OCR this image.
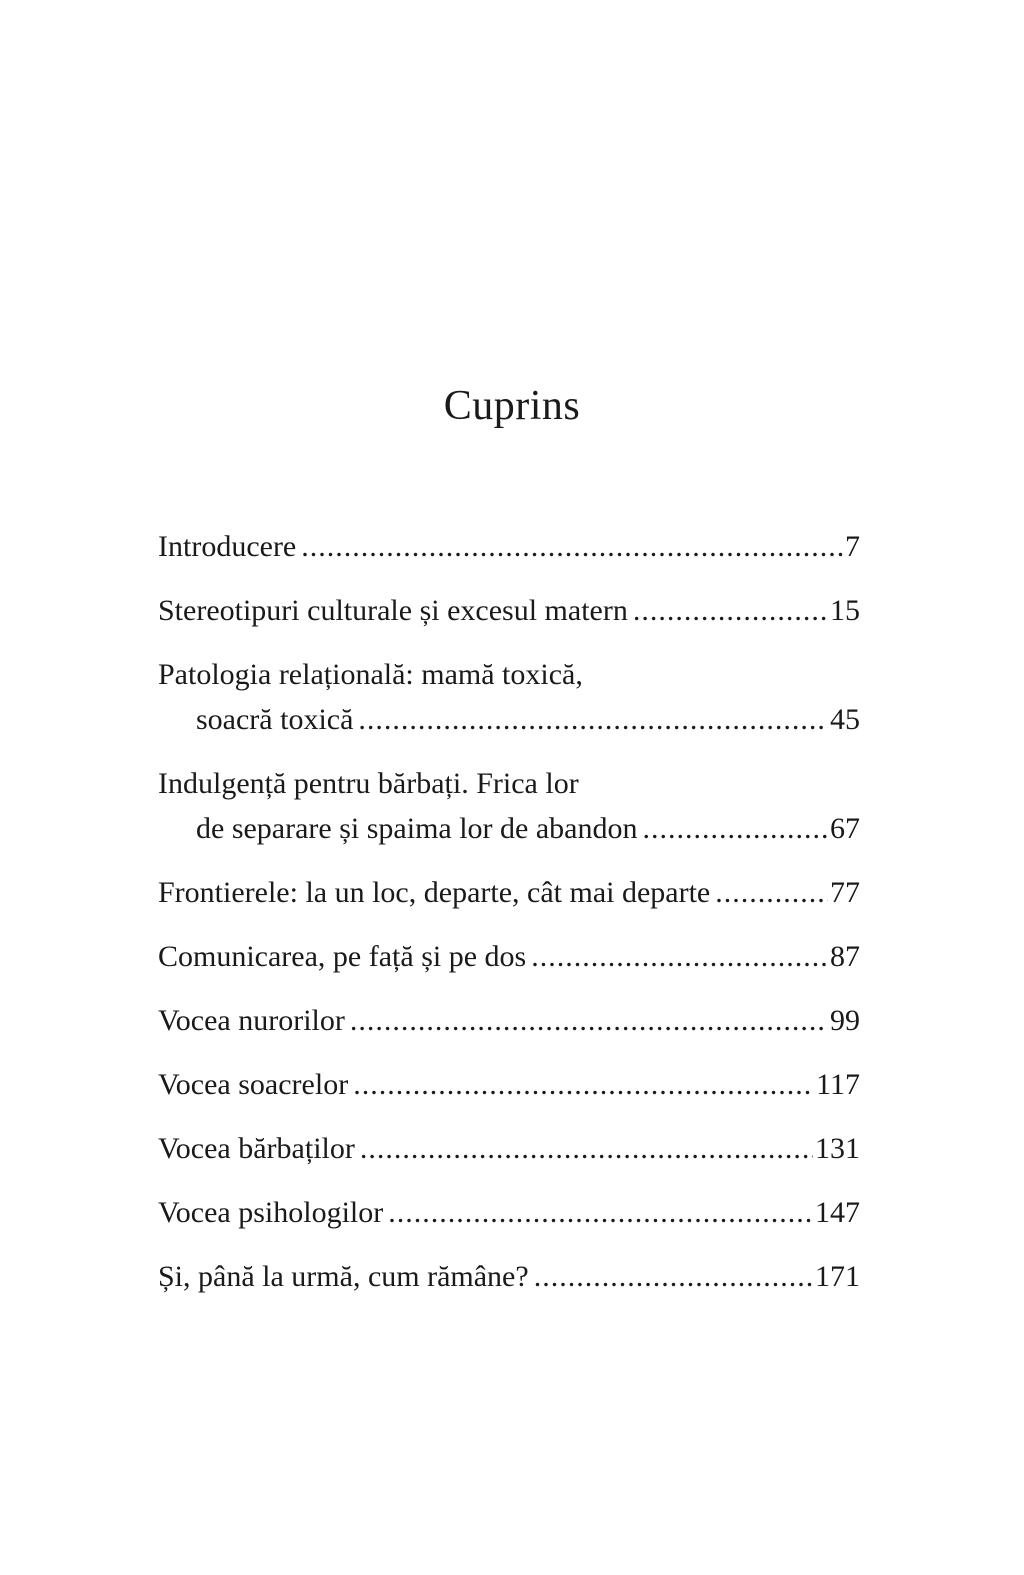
Cuprins
Introducere .....	7
Stereotipuri culturale și excesul matern .....	15
Patologia relațională: mamă toxică,
soacră toxică .....	45
Indulgență pentru bărbați. Frica lor
de separare și spaima lor de abandon .....	67
Frontierele: la un loc, departe, cât mai departe .....	77
Comunicarea, pe față și pe dos .....	87
Vocea nurorilor .....	99
Vocea soacrelor .....	117
Vocea bărbaților .....	131
Vocea psihologilor .....	147
Și, până la urmă, cum rămâne? .....	171
